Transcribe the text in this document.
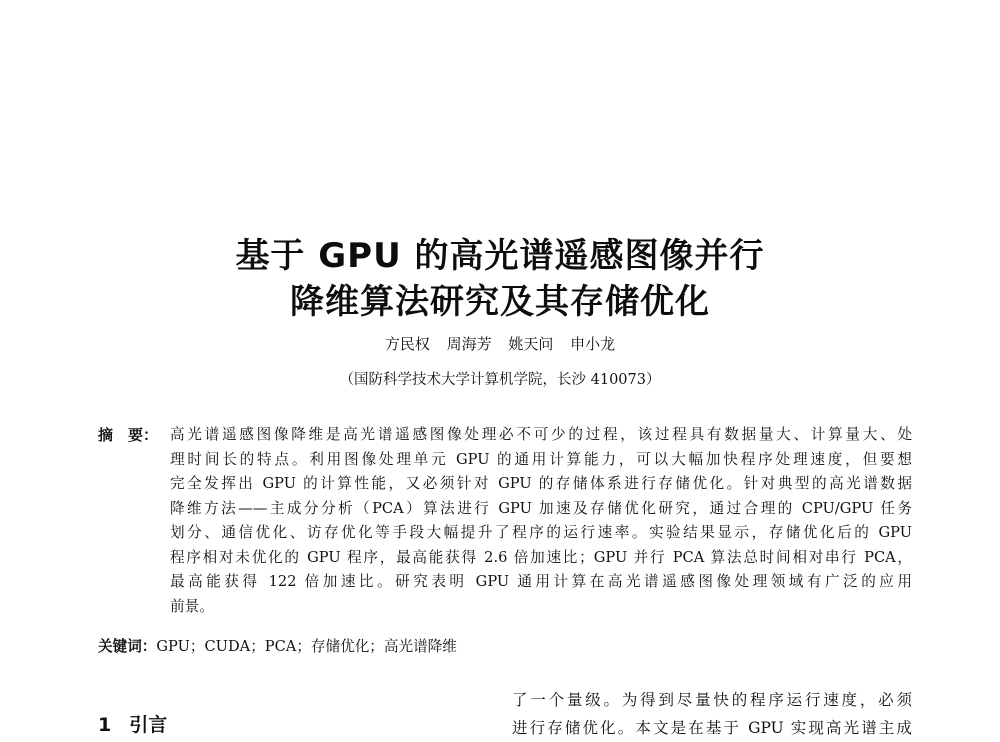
基于 GPU 的高光谱遥感图像并行
降维算法研究及其存储优化
方民权 周海芳 姚天问 申小龙
（国防科学技术大学计算机学院，长沙 410073）
摘　要： 高光谱遥感图像降维是高光谱遥感图像处理必不可少的过程，该过程具有数据量大、计算量大、处
理时间长的特点。利用图像处理单元 GPU 的通用计算能力，可以大幅加快程序处理速度，但要想
完全发挥出 GPU 的计算性能，又必须针对 GPU 的存储体系进行存储优化。针对典型的高光谱数据
降维方法——主成分分析（PCA）算法进行 GPU 加速及存储优化研究，通过合理的 CPU/GPU 任务
划分、通信优化、访存优化等手段大幅提升了程序的运行速率。实验结果显示，存储优化后的 GPU
程序相对未优化的 GPU 程序，最高能获得 2.6 倍加速比；GPU 并行 PCA 算法总时间相对串行 PCA，
最高能获得 122 倍加速比。研究表明 GPU 通用计算在高光谱遥感图像处理领域有广泛的应用
前景。
关键词：GPU；CUDA；PCA；存储优化；高光谱降维
了一个量级。为得到尽量快的程序运行速度，必须
进行存储优化。本文是在基于 GPU 实现高光谱主成
1 引言
